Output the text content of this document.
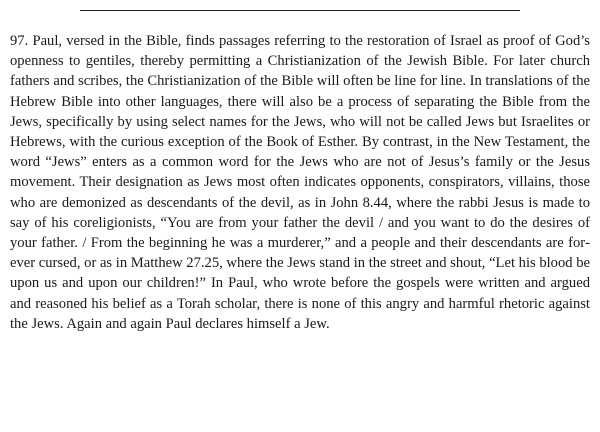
97. Paul, versed in the Bible, finds passages referring to the restoration of Israel as proof of God’s openness to gentiles, thereby permitting a Christianization of the Jewish Bible. For later church fathers and scribes, the Christianization of the Bible will often be line for line. In translations of the Hebrew Bible into other languages, there will also be a process of separating the Bible from the Jews, specifically by using select names for the Jews, who will not be called Jews but Israelites or Hebrews, with the curious exception of the Book of Esther. By contrast, in the New Testament, the word “Jews” enters as a common word for the Jews who are not of Jesus’s family or the Jesus movement. Their designation as Jews most often indicates opponents, conspirators, villains, those who are demonized as descendants of the devil, as in John 8.44, where the rabbi Jesus is made to say of his coreligionists, “You are from your father the devil / and you want to do the desires of your father. / From the beginning he was a murderer,” and a people and their descendants are forever cursed, or as in Matthew 27.25, where the Jews stand in the street and shout, “Let his blood be upon us and upon our children!” In Paul, who wrote before the gospels were written and argued and reasoned his belief as a Torah scholar, there is none of this angry and harmful rhetoric against the Jews. Again and again Paul declares himself a Jew.
